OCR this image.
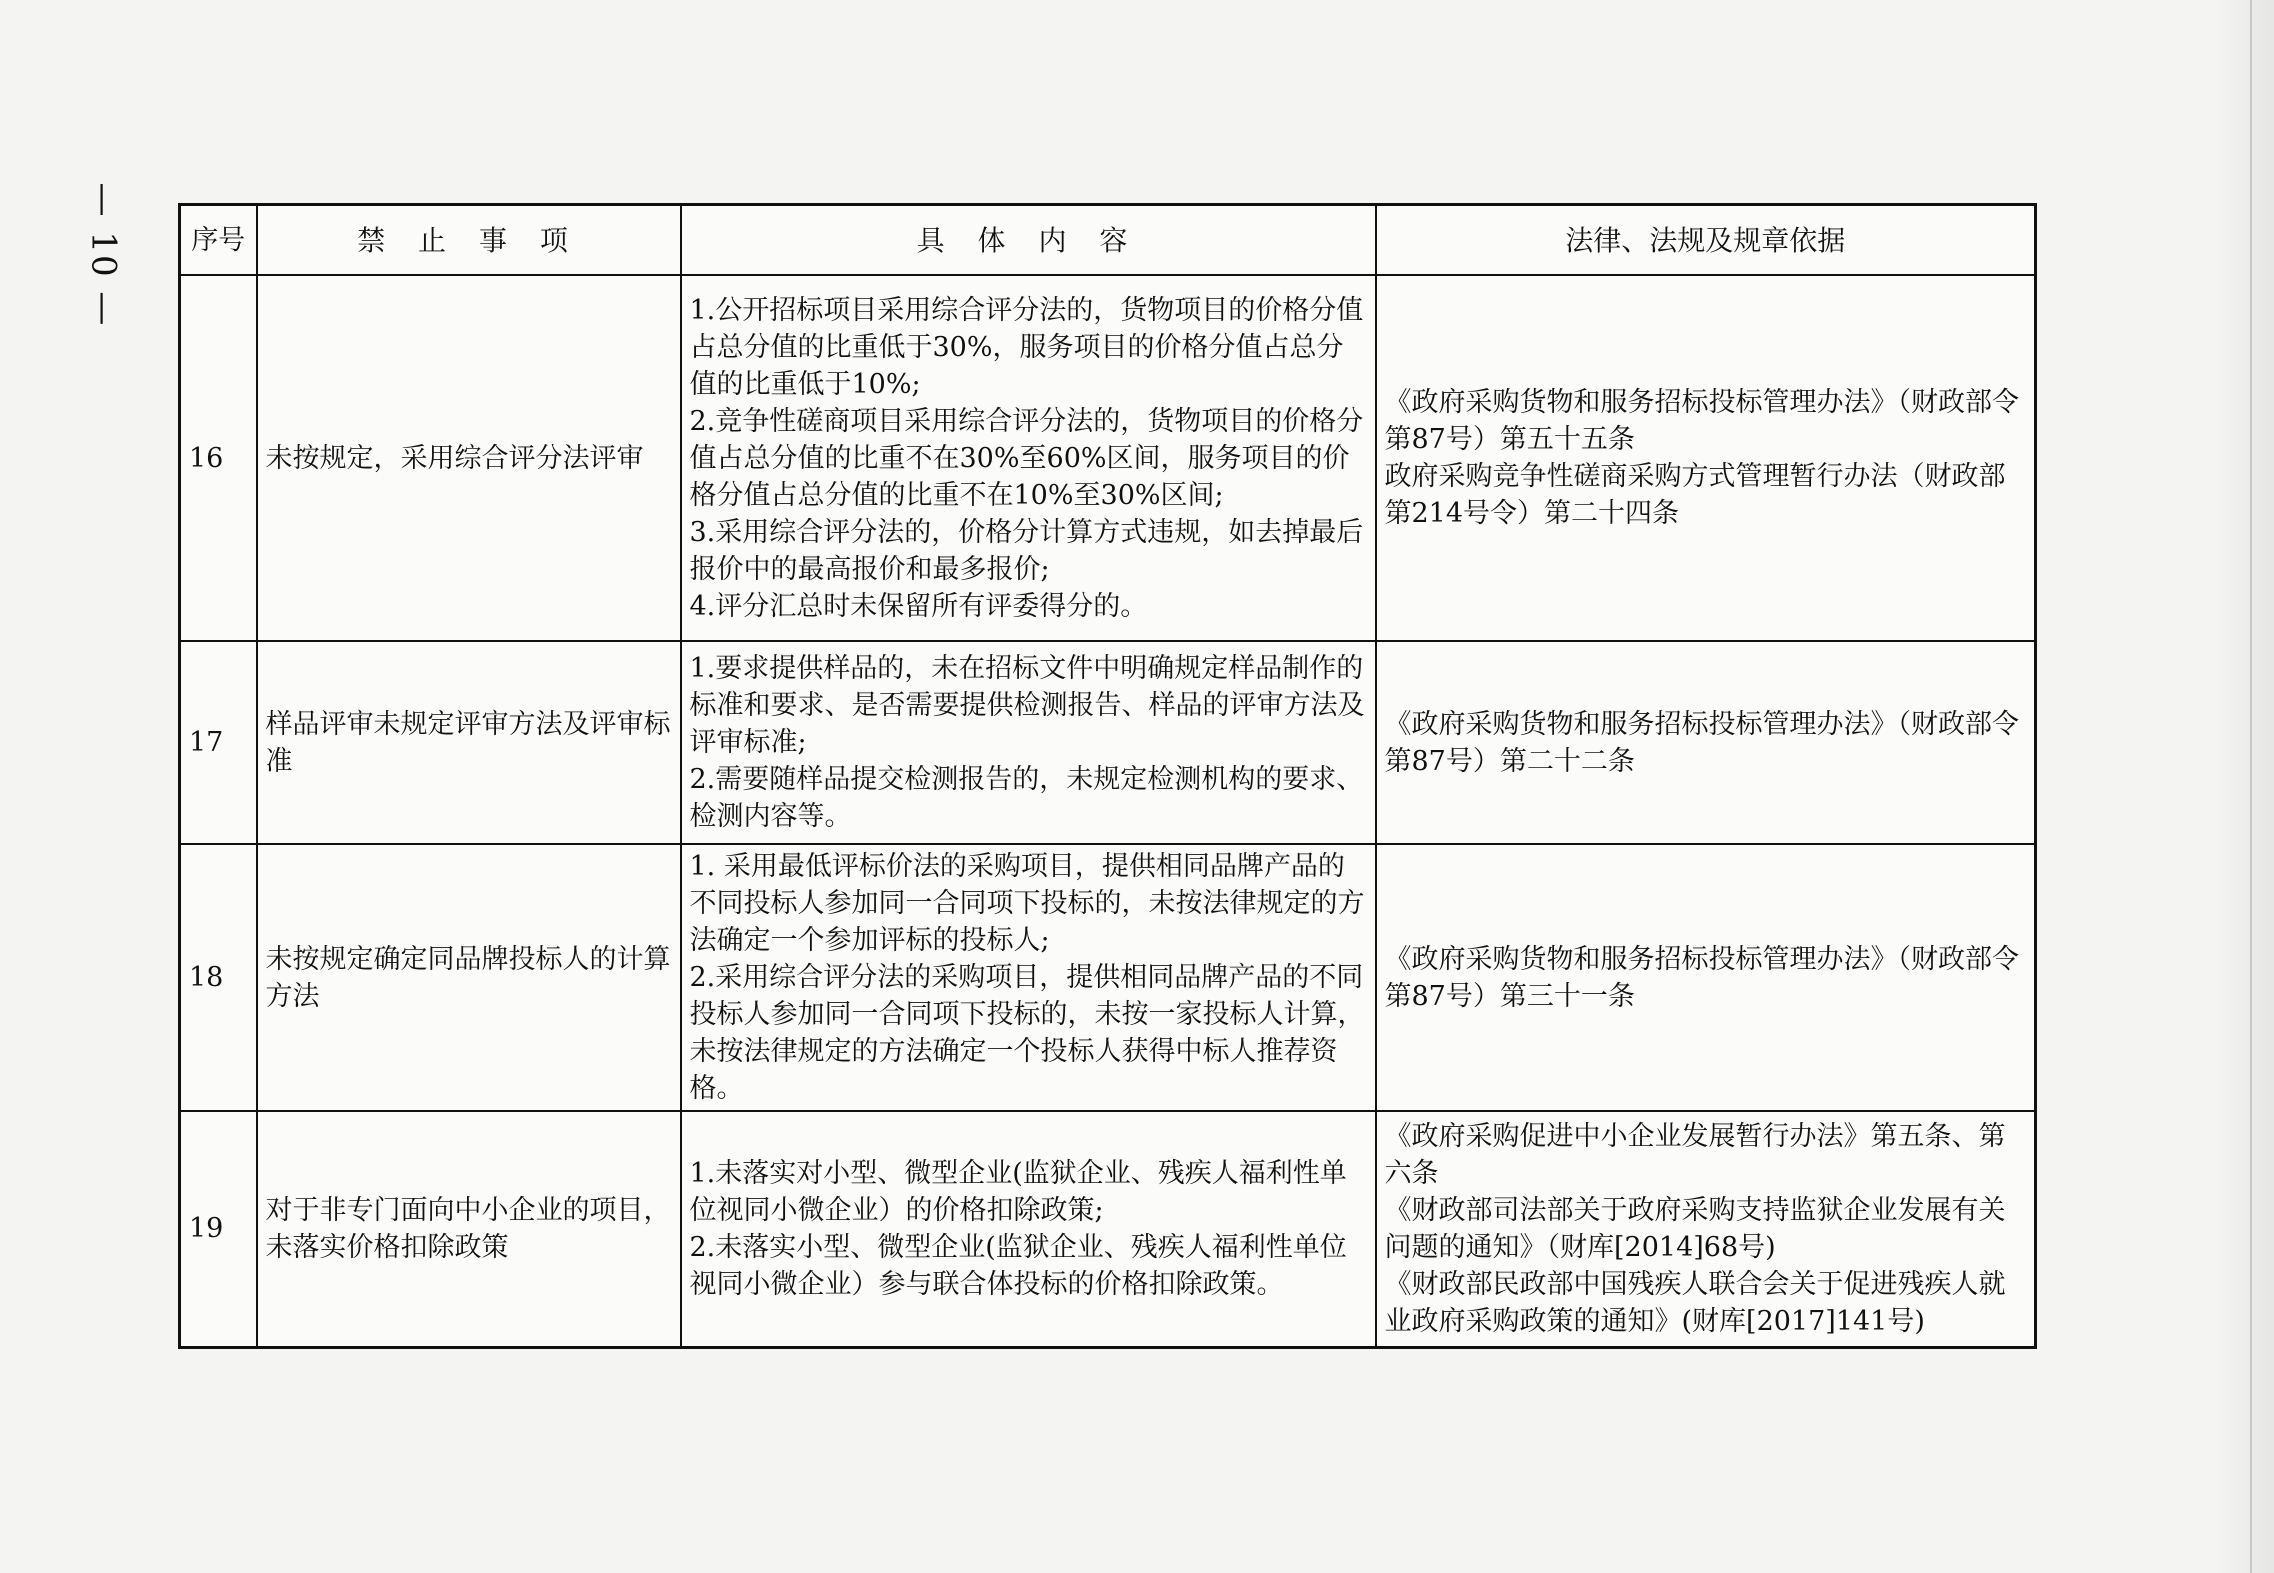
— 10 —	序号	禁 止 事 项	具 体 内 容	法律、法规及规章依据
16	未按规定，采用综合评分法评审	1.公开招标项目采用综合评分法的，货物项目的价格分值占总分值的比重低于30%，服务项目的价格分值占总分值的比重低于10%;
2.竞争性磋商项目采用综合评分法的，货物项目的价格分值占总分值的比重不在30%至60%区间，服务项目的价格分值占总分值的比重不在10%至30%区间;
3.采用综合评分法的，价格分计算方式违规，如去掉最后报价中的最高报价和最多报价;
4.评分汇总时未保留所有评委得分的。	《政府采购货物和服务招标投标管理办法》（财政部令第87号）第五十五条
政府采购竞争性磋商采购方式管理暂行办法（财政部第214号令）第二十四条
17	样品评审未规定评审方法及评审标准	1.要求提供样品的，未在招标文件中明确规定样品制作的标准和要求、是否需要提供检测报告、样品的评审方法及评审标准;
2.需要随样品提交检测报告的，未规定检测机构的要求、检测内容等。	《政府采购货物和服务招标投标管理办法》（财政部令第87号）第二十二条
18	未按规定确定同品牌投标人的计算方法	1. 采用最低评标价法的采购项目，提供相同品牌产品的不同投标人参加同一合同项下投标的，未按法律规定的方法确定一个参加评标的投标人;
2.采用综合评分法的采购项目，提供相同品牌产品的不同投标人参加同一合同项下投标的，未按一家投标人计算，未按法律规定的方法确定一个投标人获得中标人推荐资格。	《政府采购货物和服务招标投标管理办法》（财政部令第87号）第三十一条
19	对于非专门面向中小企业的项目，未落实价格扣除政策	1.未落实对小型、微型企业(监狱企业、残疾人福利性单位视同小微企业）的价格扣除政策;
2.未落实小型、微型企业(监狱企业、残疾人福利性单位视同小微企业）参与联合体投标的价格扣除政策。	《政府采购促进中小企业发展暂行办法》第五条、第六条
《财政部司法部关于政府采购支持监狱企业发展有关问题的通知》（财库[2014]68号)
《财政部民政部中国残疾人联合会关于促进残疾人就业政府采购政策的通知》(财库[2017]141号)
